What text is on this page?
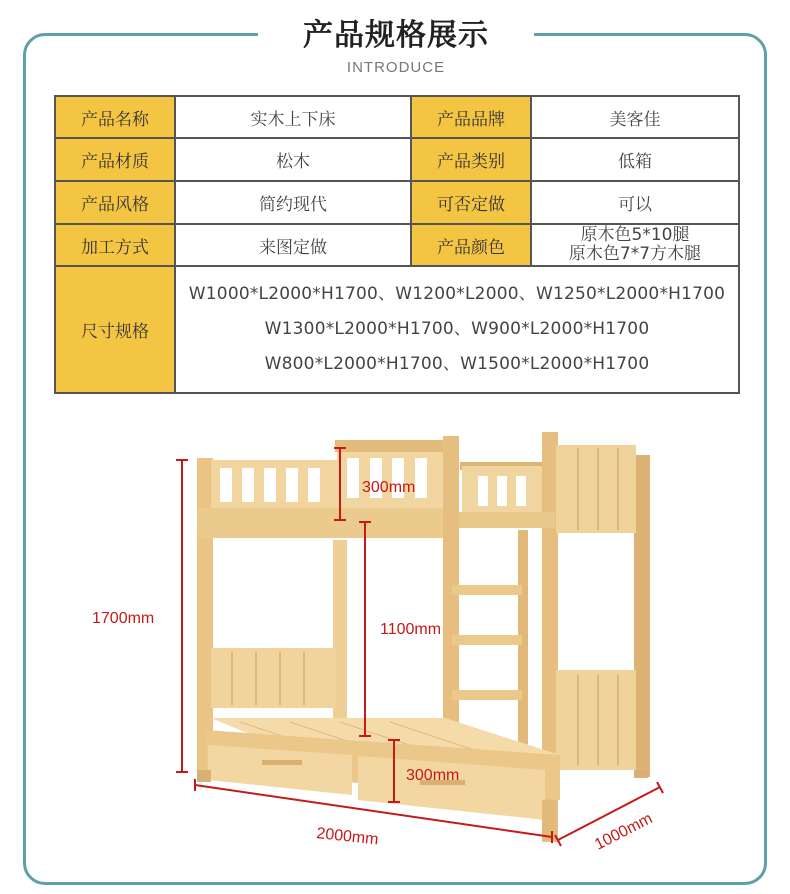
产品规格展示
INTRODUCE
产品名称	实木上下床	产品品牌	美客佳
产品材质	松木	产品类别	低箱
产品风格	简约现代	可否定做	可以
加工方式	来图定做	产品颜色	原木色5*10腿
原木色7*7方木腿

尺寸规格	W1000*L2000*H1700、W1200*L2000、W1250*L2000*H1700
W1300*L2000*H1700、W900*L2000*H1700
W800*L2000*H1700、W1500*L2000*H1700		
1700mm
300mm
1100mm
300mm
2000mm	1000mm
